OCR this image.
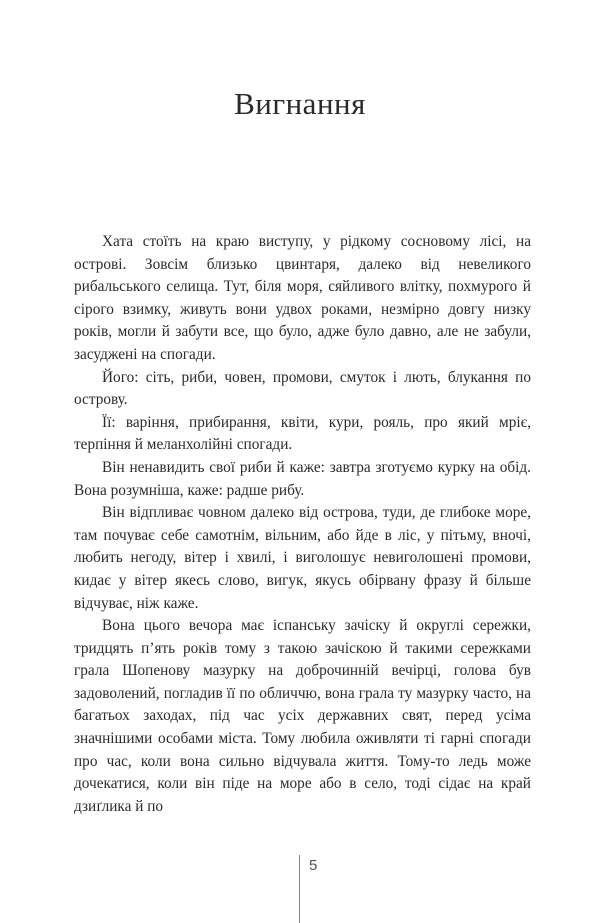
Вигнання

Хата стоїть на краю виступу, у рідкому сосновому лісі, на острові. Зовсім близько цвинтаря, далеко від невеликого рибальського селища. Тут, біля моря, сяйливого влітку, похмурого й сірого взимку, живуть вони удвох роками, незмірно довгу низку років, могли й забути все, що було, адже було давно, але не забули, засуджені на спогади.

Його: сіть, риби, човен, промови, смуток і лють, блукання по острову.

Її: варіння, прибирання, квіти, кури, рояль, про який мріє, терпіння й меланхолійні спогади.

Він ненавидить свої риби й каже: завтра зготуємо курку на обід. Вона розумніша, каже: радше рибу.

Він відпливає човном далеко від острова, туди, де глибоке море, там почуває себе самотнім, вільним, або йде в ліс, у пітьму, вночі, любить негоду, вітер і хвилі, і виголошує невиголошені промови, кидає у вітер якесь слово, вигук, якусь обірвану фразу й більше відчуває, ніж каже.

Вона цього вечора має іспанську зачіску й округлі сережки, тридцять п’ять років тому з такою зачіскою й такими сережками грала Шопенову мазурку на доброчинній вечірці, голова був задоволений, погладив її по обличчю, вона грала ту мазурку часто, на багатьох заходах, під час усіх державних свят, перед усіма значнішими особами міста. Тому любила оживляти ті гарні спогади про час, коли вона сильно відчувала життя. Тому-то ледь може дочекатися, коли він піде на море або в село, тоді сідає на край дзиґлика й по

5
